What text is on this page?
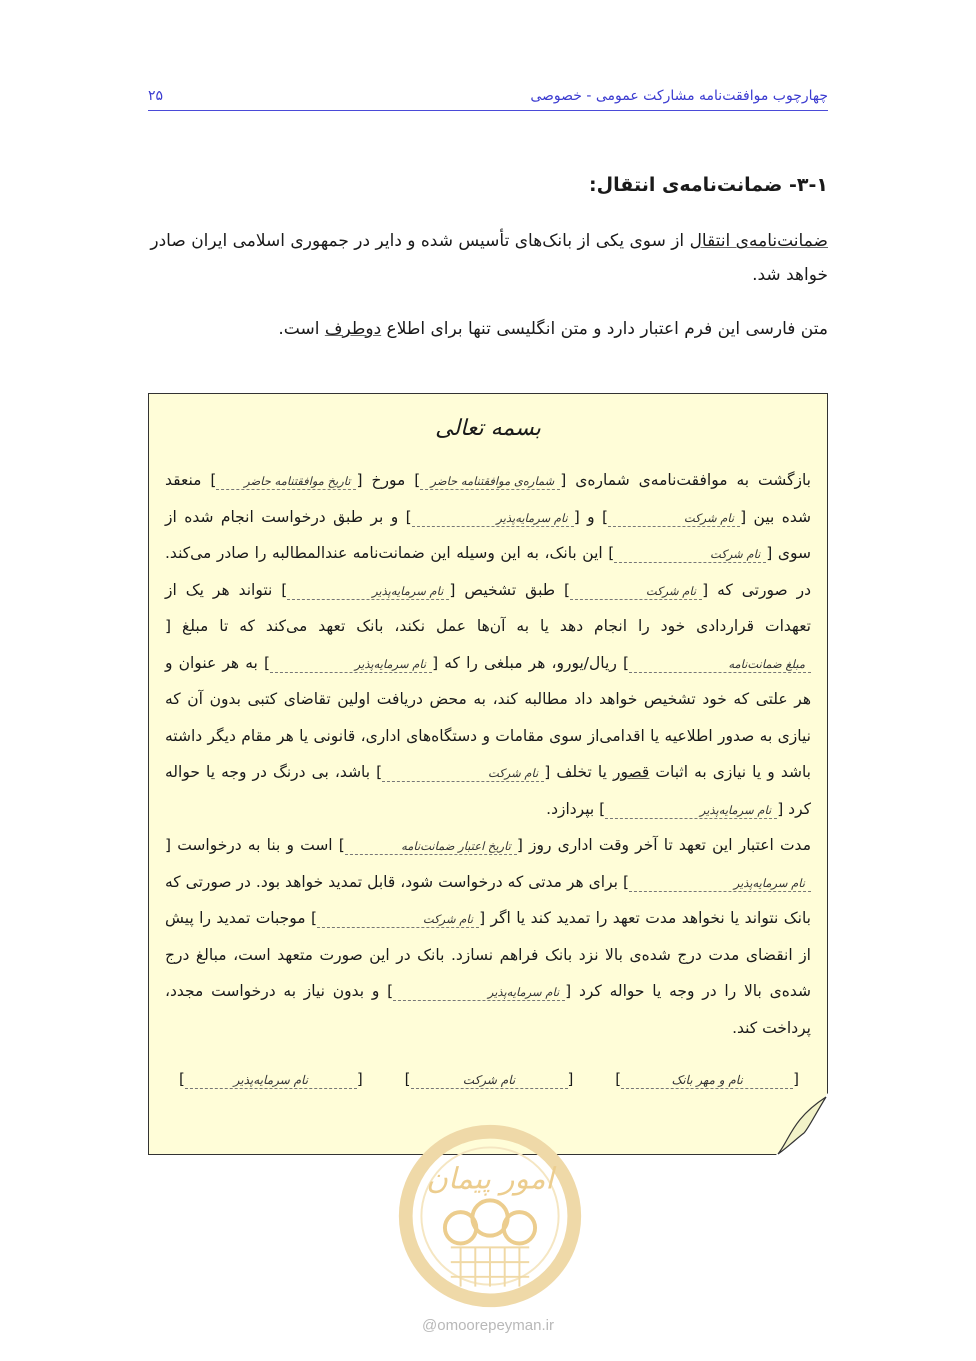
چهارچوب موافقت‌نامه مشارکت عمومی - خصوصی
۲۵
۳-۱- ضمانت‌نامه‌ی انتقال:
ضمانت‌نامه‌ی انتقال از سوی یکی از بانک‌های تأسیس شده و دایر در جمهوری اسلامی ایران صادر خواهد شد.
متن فارسی این فرم اعتبار دارد و متن انگلیسی تنها برای اطلاع دوطرف است.
بسمه تعالی
بازگشت به موافقت‌نامه‌ی شماره‌ی [شماره‌ی موافقتنامه حاضر] مورخ [تاریخ موافقتنامه حاضر] منعقد شده بین [نام شرکت] و [نام سرمایه‌پذیر] و بر طبق درخواست انجام شده از سوی [نام شرکت] این بانک، به این وسیله این ضمانت‌نامه عندالمطالبه را صادر می‌کند. در صورتی که [نام شرکت] طبق تشخیص [نام سرمایه‌پذیر] نتواند هر یک از تعهدات قراردادی خود را انجام دهد یا به آن‌ها عمل نکند، بانک تعهد می‌کند که تا مبلغ [مبلغ ضمانت‌نامه] ریال/یورو، هر مبلغی را که [نام سرمایه‌پذیر] به هر عنوان و هر علتی که خود تشخیص خواهد داد مطالبه کند، به محض دریافت اولین تقاضای کتبی بدون آن که نیازی به صدور اطلاعیه یا اقدامی‌از سوی مقامات و دستگاه‌های اداری، قانونی یا هر مقام دیگر داشته باشد و یا نیازی به اثبات قصور یا تخلف [نام شرکت] باشد، بی درنگ در وجه یا حواله کرد [نام سرمایه‌پذیر] بپردازد.
مدت اعتبار این تعهد تا آخر وقت اداری روز [تاریخ اعتبار ضمانت‌نامه] است و بنا به درخواست [نام سرمایه‌پذیر] برای هر مدتی که درخواست شود، قابل تمدید خواهد بود. در صورتی که بانک نتواند یا نخواهد مدت تعهد را تمدید کند یا اگر [نام شرکت] موجبات تمدید را پیش از انقضای مدت درج شده‌ی بالا نزد بانک فراهم نسازد. بانک در این صورت متعهد است، مبالغ درج شده‌ی بالا را در وجه یا حواله کرد [نام سرمایه‌پذیر] و بدون نیاز به درخواست مجدد، پرداخت کند.
[نام و مهر بانک]
[نام شرکت]
[نام سرمایه‌پذیر]
امور پیمان
@omoorepeyman.ir
